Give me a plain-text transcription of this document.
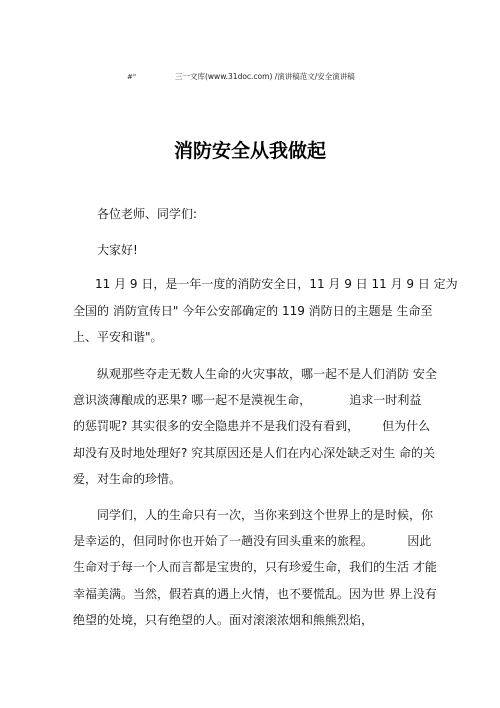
#"	三一文库(www.31doc.com) /演讲稿范文/安全演讲稿
消防安全从我做起
各位老师、同学们:
大家好!
11 月 9 日，是一年一度的消防安全日，11 月 9 日 11 月 9 日 定为
全国的 消防宣传日" 今年公安部确定的 119 消防日的主题是 生命至
上、平安和谐"。
纵观那些夺走无数人生命的火灾事故，哪一起不是人们消防 安全
意识淡薄酿成的恶果? 哪一起不是漠视生命，          追求一时利益
的惩罚呢? 其实很多的安全隐患并不是我们没有看到，      但为什么
却没有及时地处理好? 究其原因还是人们在内心深处缺乏对生 命的关
爱，对生命的珍惜。
同学们，人的生命只有一次，当你来到这个世界上的是时候，你
是幸运的，但同时你也开始了一趟没有回头重来的旅程。         因此
生命对于每一个人而言都是宝贵的，只有珍爱生命，我们的生活 才能
幸福美满。当然，假若真的遇上火情，也不要慌乱。因为世 界上没有
绝望的处境，只有绝望的人。面对滚滚浓烟和熊熊烈焰，
